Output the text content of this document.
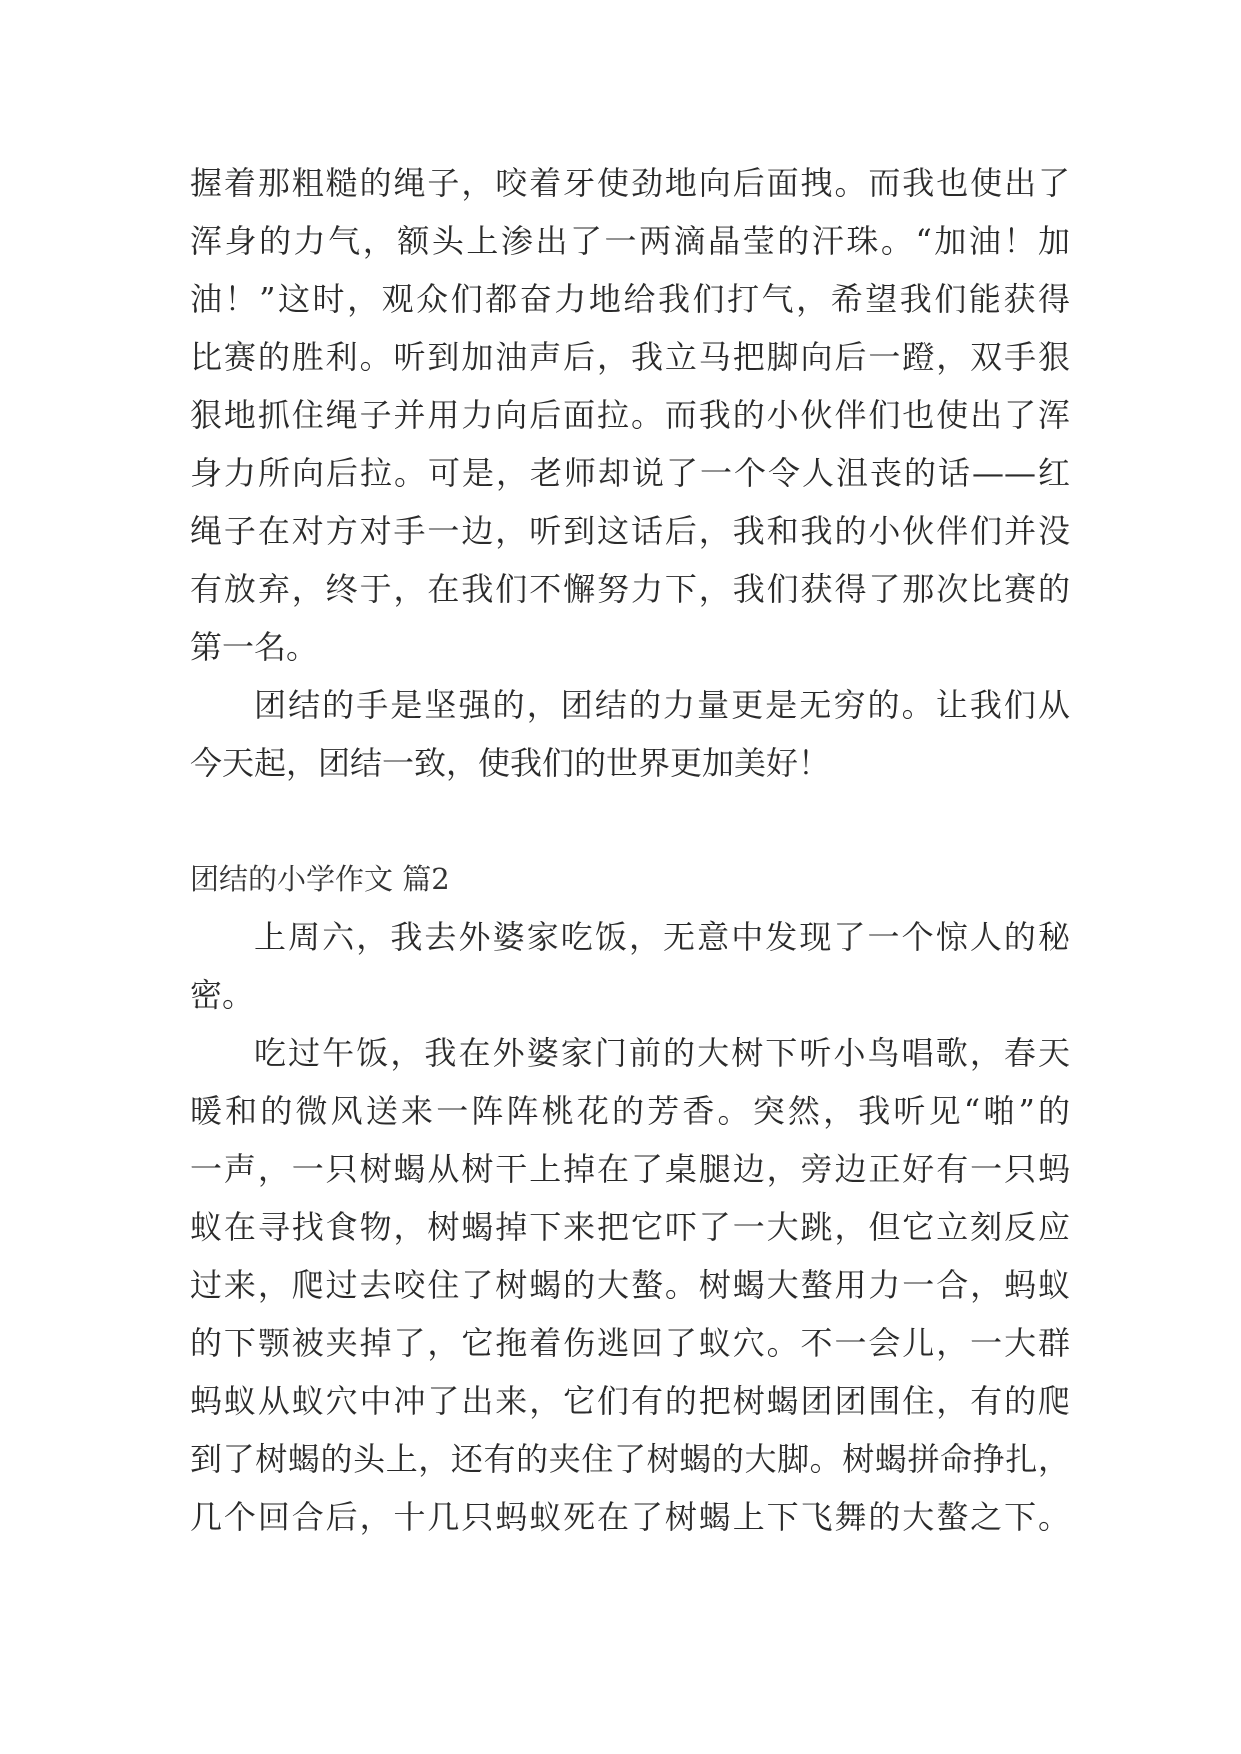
握着那粗糙的绳子，咬着牙使劲地向后面拽。而我也使出了
浑身的力气，额头上渗出了一两滴晶莹的汗珠。“加油！加
油！”这时，观众们都奋力地给我们打气，希望我们能获得
比赛的胜利。听到加油声后，我立马把脚向后一蹬，双手狠
狠地抓住绳子并用力向后面拉。而我的小伙伴们也使出了浑
身力所向后拉。可是，老师却说了一个令人沮丧的话——红
绳子在对方对手一边，听到这话后，我和我的小伙伴们并没
有放弃，终于，在我们不懈努力下，我们获得了那次比赛的
第一名。
团结的手是坚强的，团结的力量更是无穷的。让我们从
今天起，团结一致，使我们的世界更加美好！
团结的小学作文 篇2
上周六，我去外婆家吃饭，无意中发现了一个惊人的秘
密。
吃过午饭，我在外婆家门前的大树下听小鸟唱歌，春天
暖和的微风送来一阵阵桃花的芳香。突然，我听见“啪”的
一声，一只树蝎从树干上掉在了桌腿边，旁边正好有一只蚂
蚁在寻找食物，树蝎掉下来把它吓了一大跳，但它立刻反应
过来，爬过去咬住了树蝎的大螯。树蝎大螯用力一合，蚂蚁
的下颚被夹掉了，它拖着伤逃回了蚁穴。不一会儿，一大群
蚂蚁从蚁穴中冲了出来，它们有的把树蝎团团围住，有的爬
到了树蝎的头上，还有的夹住了树蝎的大脚。树蝎拼命挣扎，
几个回合后，十几只蚂蚁死在了树蝎上下飞舞的大螯之下。
